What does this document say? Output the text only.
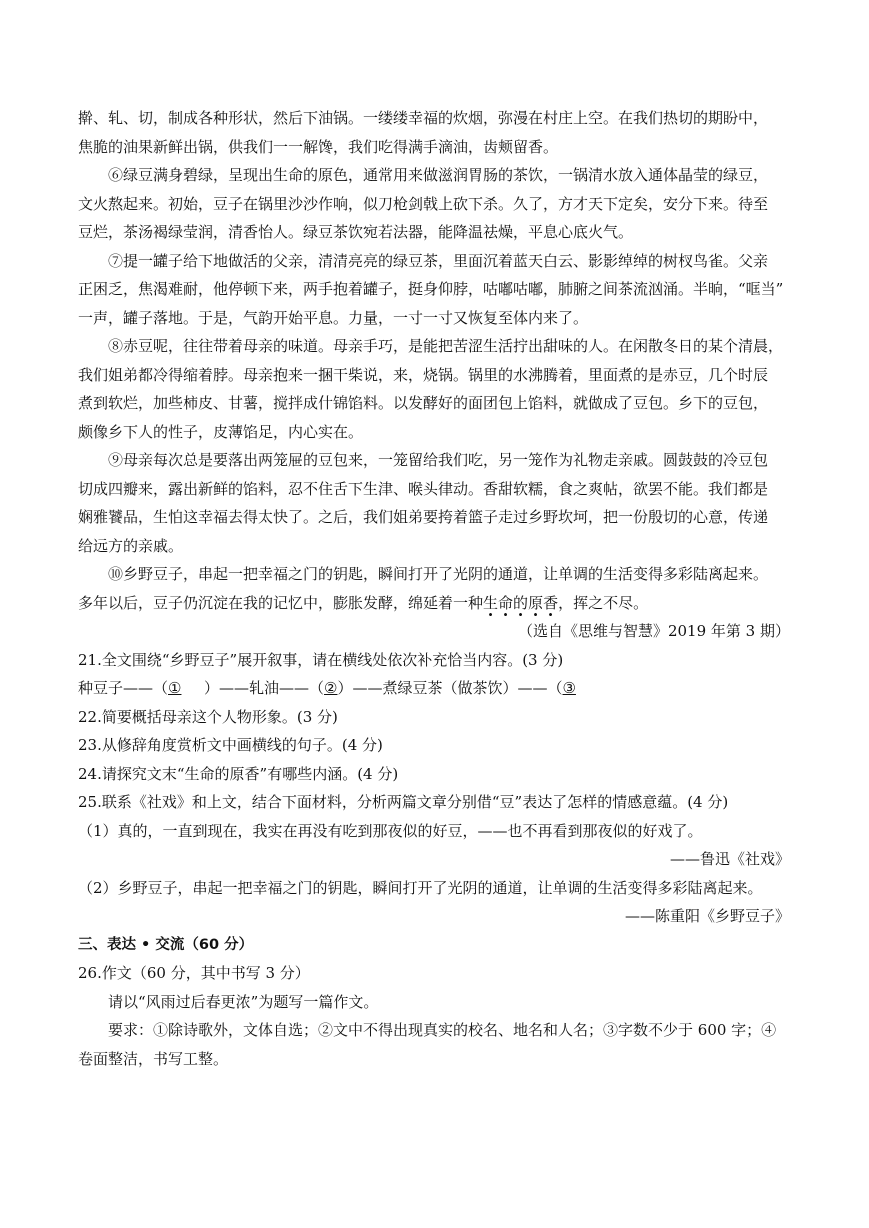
擀、轧、切，制成各种形状，然后下油锅。一缕缕幸福的炊烟，弥漫在村庄上空。在我们热切的期盼中，
焦脆的油果新鲜出锅，供我们一一解馋，我们吃得满手滴油，齿颊留香。
⑥绿豆满身碧绿，呈现出生命的原色，通常用来做滋润胃肠的茶饮，一锅清水放入通体晶莹的绿豆，
文火熬起来。初始，豆子在锅里沙沙作响，似刀枪剑戟上砍下杀。久了，方才天下定矣，安分下来。待至
豆烂，茶汤褐绿莹润，清香怡人。绿豆茶饮宛若法器，能降温祛燥，平息心底火气。
⑦提一罐子给下地做活的父亲，清清亮亮的绿豆茶，里面沉着蓝天白云、影影绰绰的树杈鸟雀。父亲
正困乏，焦渴难耐，他停顿下来，两手抱着罐子，挺身仰脖，咕嘟咕嘟，肺腑之间茶流汹涌。半晌，“哐当”
一声，罐子落地。于是，气韵开始平息。力量，一寸一寸又恢复至体内来了。
⑧赤豆呢，往往带着母亲的味道。母亲手巧，是能把苦涩生活拧出甜味的人。在闲散冬日的某个清晨，
我们姐弟都冷得缩着脖。母亲抱来一捆干柴说，来，烧锅。锅里的水沸腾着，里面煮的是赤豆，几个时辰
煮到软烂，加些柿皮、甘薯，搅拌成什锦馅料。以发酵好的面团包上馅料，就做成了豆包。乡下的豆包，
颇像乡下人的性子，皮薄馅足，内心实在。
⑨母亲每次总是要落出两笼屉的豆包来，一笼留给我们吃，另一笼作为礼物走亲戚。圆鼓鼓的冷豆包
切成四瓣来，露出新鲜的馅料，忍不住舌下生津、喉头律动。香甜软糯，食之爽帖，欲罢不能。我们都是
娴雅饕品，生怕这幸福去得太快了。之后，我们姐弟要挎着篮子走过乡野坎坷，把一份殷切的心意，传递
给远方的亲戚。
⑩乡野豆子，串起一把幸福之门的钥匙，瞬间打开了光阴的通道，让单调的生活变得多彩陆离起来。
多年以后，豆子仍沉淀在我的记忆中，膨胀发酵，绵延着一种生命的原香，挥之不尽。
（选自《思维与智慧》2019 年第 3 期）
21.全文围绕“乡野豆子”展开叙事，请在横线处依次补充恰当内容。(3 分)
种豆子——（① ）——轧油——（②）——煮绿豆茶（做茶饮）——（③
22.简要概括母亲这个人物形象。(3 分)
23.从修辞角度赏析文中画横线的句子。(4 分)
24.请探究文末“生命的原香”有哪些内涵。(4 分)
25.联系《社戏》和上文，结合下面材料，分析两篇文章分别借“豆”表达了怎样的情感意蕴。(4 分)
（1）真的，一直到现在，我实在再没有吃到那夜似的好豆，——也不再看到那夜似的好戏了。
——鲁迅《社戏》
（2）乡野豆子，串起一把幸福之门的钥匙，瞬间打开了光阴的通道，让单调的生活变得多彩陆离起来。
——陈重阳《乡野豆子》
三、表达 • 交流（60 分）
26.作文（60 分，其中书写 3 分）
请以“风雨过后春更浓”为题写一篇作文。
要求：①除诗歌外，文体自选；②文中不得出现真实的校名、地名和人名；③字数不少于 600 字；④
卷面整洁，书写工整。
